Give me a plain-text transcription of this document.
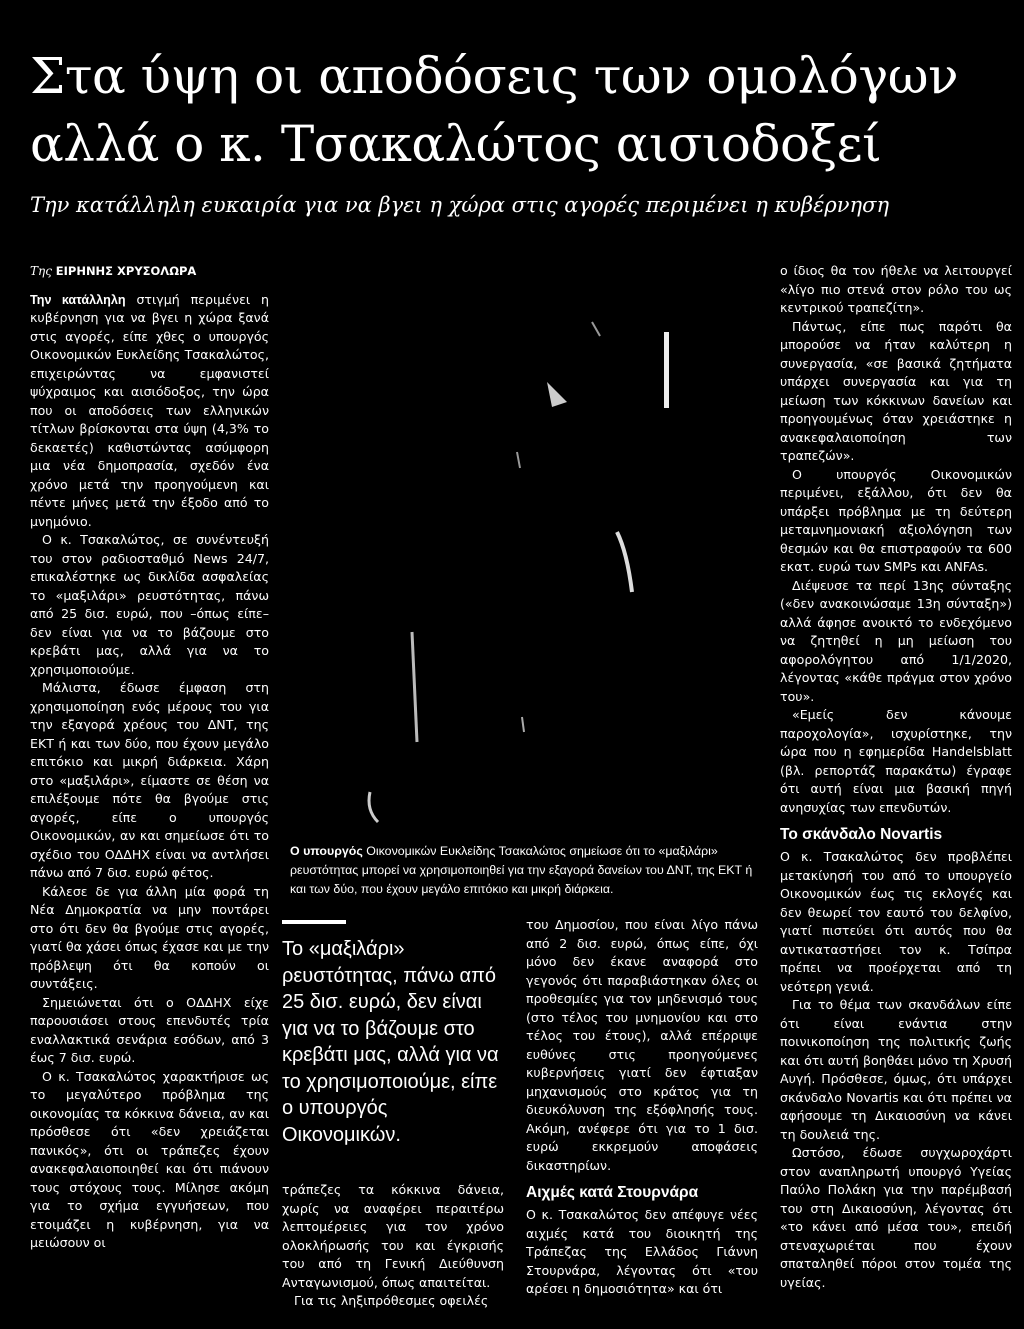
Στα ύψη οι αποδόσεις των ομολόγων
αλλά ο κ. Τσακαλώτος αισιοδοξεί

Την κατάλληλη ευκαιρία για να βγει η χώρα στις αγορές περιμένει η κυβέρνηση

Της ΕΙΡΗΝΗΣ ΧΡΥΣΟΛΩΡΑ

Την κατάλληλη στιγμή περιμένει η κυβέρνηση για να βγει η χώρα ξανά στις αγορές, είπε χθες ο υπουργός Οικονομικών Ευκλείδης Τσακαλώτος, επιχειρώντας να εμφανιστεί ψύχραιμος και αισιόδοξος, την ώρα που οι αποδόσεις των ελληνικών τίτλων βρίσκονται στα ύψη (4,3% το δεκαετές) καθιστώντας ασύμφορη μια νέα δημοπρασία, σχεδόν ένα χρόνο μετά την προηγούμενη και πέντε μήνες μετά την έξοδο από το μνημόνιο.

Ο κ. Τσακαλώτος, σε συνέντευξή του στον ραδιοσταθμό News 24/7, επικαλέστηκε ως δικλίδα ασφαλείας το «μαξιλάρι» ρευστότητας, πάνω από 25 δισ. ευρώ, που –όπως είπε– δεν είναι για να το βάζουμε στο κρεβάτι μας, αλλά για να το χρησιμοποιούμε.

Μάλιστα, έδωσε έμφαση στη χρησιμοποίηση ενός μέρους του για την εξαγορά χρέους του ΔΝΤ, της ΕΚΤ ή και των δύο, που έχουν μεγάλο επιτόκιο και μικρή διάρκεια. Χάρη στο «μαξιλάρι», είμαστε σε θέση να επιλέξουμε πότε θα βγούμε στις αγορές, είπε ο υπουργός Οικονομικών, αν και σημείωσε ότι το σχέδιο του ΟΔΔΗΧ είναι να αντλήσει πάνω από 7 δισ. ευρώ φέτος.

Κάλεσε δε για άλλη μία φορά τη Νέα Δημοκρατία να μην ποντάρει στο ότι δεν θα βγούμε στις αγορές, γιατί θα χάσει όπως έχασε και με την πρόβλεψη ότι θα κοπούν οι συντάξεις.

Σημειώνεται ότι ο ΟΔΔΗΧ είχε παρουσιάσει στους επενδυτές τρία εναλλακτικά σενάρια εσόδων, από 3 έως 7 δισ. ευρώ.

Ο κ. Τσακαλώτος χαρακτήρισε ως το μεγαλύτερο πρόβλημα της οικονομίας τα κόκκινα δάνεια, αν και πρόσθεσε ότι «δεν χρειάζεται πανικός», ότι οι τράπεζες έχουν ανακεφαλαιοποιηθεί και ότι πιάνουν τους στόχους τους. Μίλησε ακόμη για το σχήμα εγγυήσεων, που ετοιμάζει η κυβέρνηση, για να μειώσουν οι

Ο υπουργός Οικονομικών Ευκλείδης Τσακαλώτος σημείωσε ότι το «μαξιλάρι» ρευστότητας μπορεί να χρησιμοποιηθεί για την εξαγορά δανείων του ΔΝΤ, της ΕΚΤ ή και των δύο, που έχουν μεγάλο επιτόκιο και μικρή διάρκεια.
Το «μαξιλάρι» ρευστότητας, πάνω από 25 δισ. ευρώ, δεν είναι για να το βάζουμε στο κρεβάτι μας, αλλά για να το χρησιμοποιούμε, είπε ο υπουργός Οικονομικών.

τράπεζες τα κόκκινα δάνεια, χωρίς να αναφέρει περαιτέρω λεπτομέρειες για τον χρόνο ολοκλήρωσής του και έγκρισής του από τη Γενική Διεύθυνση Ανταγωνισμού, όπως απαιτείται.

Για τις ληξιπρόθεσμες οφειλές

του Δημοσίου, που είναι λίγο πάνω από 2 δισ. ευρώ, όπως είπε, όχι μόνο δεν έκανε αναφορά στο γεγονός ότι παραβιάστηκαν όλες οι προθεσμίες για τον μηδενισμό τους (στο τέλος του μνημονίου και στο τέλος του έτους), αλλά επέρριψε ευθύνες στις προηγούμενες κυβερνήσεις γιατί δεν έφτιαξαν μηχανισμούς στο κράτος για τη διευκόλυνση της εξόφλησής τους. Ακόμη, ανέφερε ότι για το 1 δισ. ευρώ εκκρεμούν αποφάσεις δικαστηρίων.

Αιχμές κατά Στουρνάρα

Ο κ. Τσακαλώτος δεν απέφυγε νέες αιχμές κατά του διοικητή της Τράπεζας της Ελλάδος Γιάννη Στουρνάρα, λέγοντας ότι «του αρέσει η δημοσιότητα» και ότι

ο ίδιος θα τον ήθελε να λειτουργεί «λίγο πιο στενά στον ρόλο του ως κεντρικού τραπεζίτη».

Πάντως, είπε πως παρότι θα μπορούσε να ήταν καλύτερη η συνεργασία, «σε βασικά ζητήματα υπάρχει συνεργασία και για τη μείωση των κόκκινων δανείων και προηγουμένως όταν χρειάστηκε η ανακεφαλαιοποίηση των τραπεζών».

Ο υπουργός Οικονομικών περιμένει, εξάλλου, ότι δεν θα υπάρξει πρόβλημα με τη δεύτερη μεταμνημονιακή αξιολόγηση των θεσμών και θα επιστραφούν τα 600 εκατ. ευρώ των SMPs και ANFAs.

Διέψευσε τα περί 13ης σύνταξης («δεν ανακοινώσαμε 13η σύνταξη») αλλά άφησε ανοικτό το ενδεχόμενο να ζητηθεί η μη μείωση του αφορολόγητου από 1/1/2020, λέγοντας «κάθε πράγμα στον χρόνο του».

«Εμείς δεν κάνουμε παροχολογία», ισχυρίστηκε, την ώρα που η εφημερίδα Handelsblatt (βλ. ρεπορτάζ παρακάτω) έγραφε ότι αυτή είναι μια βασική πηγή ανησυχίας των επενδυτών.

Το σκάνδαλο Novartis

Ο κ. Τσακαλώτος δεν προβλέπει μετακίνησή του από το υπουργείο Οικονομικών έως τις εκλογές και δεν θεωρεί τον εαυτό του δελφίνο, γιατί πιστεύει ότι αυτός που θα αντικαταστήσει τον κ. Τσίπρα πρέπει να προέρχεται από τη νεότερη γενιά.

Για το θέμα των σκανδάλων είπε ότι είναι ενάντια στην ποινικοποίηση της πολιτικής ζωής και ότι αυτή βοηθάει μόνο τη Χρυσή Αυγή. Πρόσθεσε, όμως, ότι υπάρχει σκάνδαλο Novartis και ότι πρέπει να αφήσουμε τη Δικαιοσύνη να κάνει τη δουλειά της.

Ωστόσο, έδωσε συγχωροχάρτι στον αναπληρωτή υπουργό Υγείας Παύλο Πολάκη για την παρέμβασή του στη Δικαιοσύνη, λέγοντας ότι «το κάνει από μέσα του», επειδή στεναχωριέται που έχουν σπαταληθεί πόροι στον τομέα της υγείας.
